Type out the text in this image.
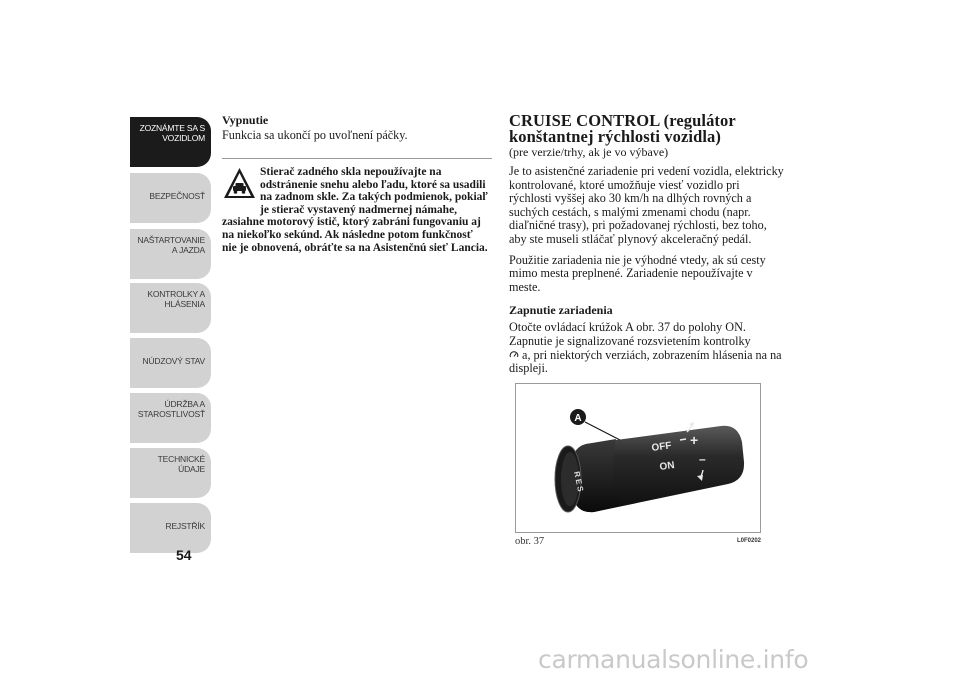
ZOZNÁMTE SA S
VOZIDLOM
BEZPEČNOSŤ
NAŠTARTOVANIE
A JAZDA
KONTROLKY A
HLÁSENIA
NÚDZOVÝ STAV
ÚDRŽBA A
STAROSTLIVOSŤ
TECHNICKÉ
ÚDAJE
REJSTŘÍK
54

Vypnutie

Funkcia sa ukončí po uvoľnení páčky.

Stierač zadného skla nepoužívajte na odstránenie snehu alebo ľadu, ktoré sa usadili na zadnom skle. Za takých podmienok, pokiaľ je stierač vystavený nadmernej námahe, zasiahne motorový istič, ktorý zabráni fungovaniu aj na niekoľko sekúnd. Ak následne potom funkčnosť nie je obnovená, obráťte sa na Asistenčnú sieť Lancia.

CRUISE CONTROL (regulátor konštantnej rýchlosti vozidla)

(pre verzie/trhy, ak je vo výbave)

Je to asistenčné zariadenie pri vedení vozidla, elektricky kontrolované, ktoré umožňuje viesť vozidlo pri rýchlosti vyššej ako 30 km/h na dlhých rovných a suchých cestách, s malými zmenami chodu (napr. diaľničné trasy), pri požadovanej rýchlosti, bez toho, aby ste museli stláčať plynový akceleračný pedál.

Použitie zariadenia nie je výhodné vtedy, ak sú cesty mimo mesta preplnené. Zariadenie nepoužívajte v meste.

Zapnutie zariadenia

Otočte ovládací krúžok A obr. 37 do polohy ON. Zapnutie je signalizované rozsvietením kontrolky
a, pri niektorých verziách, zobrazením hlásenia na na displeji.

RES
OFF
ON
+
–
A
obr. 37	L0F0202
carmanualsonline.info
